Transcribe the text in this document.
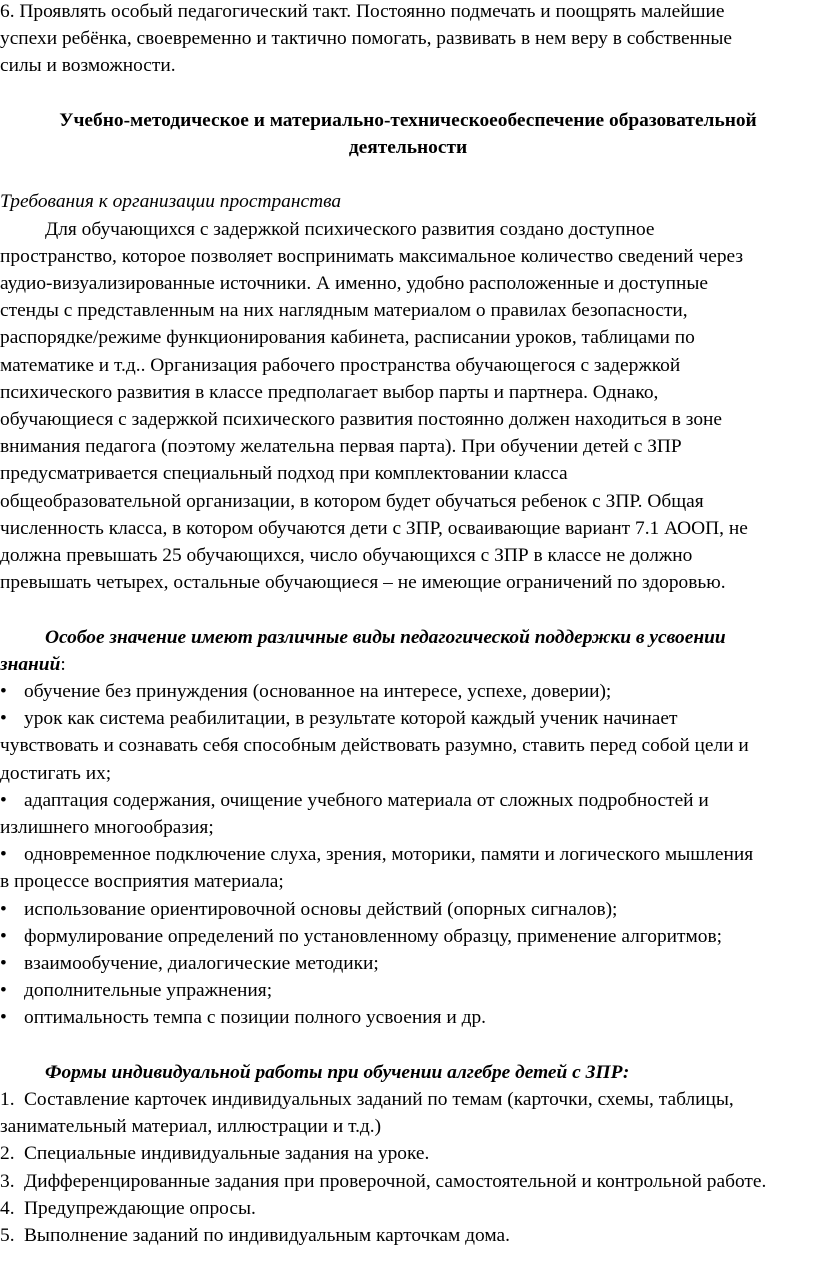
6. Проявлять особый педагогический такт. Постоянно подмечать и поощрять малейшие
успехи ребёнка, своевременно и тактично помогать, развивать в нем веру в собственные
силы и возможности.
Учебно-методическое и материально-техническоеобеспечение образовательной
деятельности
Требования к организации пространства
Для обучающихся с задержкой психического развития создано доступное
пространство, которое позволяет воспринимать максимальное количество сведений через
аудио-визуализированные источники. А именно, удобно расположенные и доступные
стенды с представленным на них наглядным материалом о правилах безопасности,
распорядке/режиме функционирования кабинета, расписании уроков, таблицами по
математике и т.д.. Организация рабочего пространства обучающегося с задержкой
психического развития в классе предполагает выбор парты и партнера. Однако,
обучающиеся с задержкой психического развития постоянно должен находиться в зоне
внимания педагога (поэтому желательна первая парта). При обучении детей с ЗПР
предусматривается специальный подход при комплектовании класса
общеобразовательной организации, в котором будет обучаться ребенок с ЗПР. Общая
численность класса, в котором обучаются дети с ЗПР, осваивающие вариант 7.1 АООП, не
должна превышать 25 обучающихся, число обучающихся с ЗПР в классе не должно
превышать четырех, остальные обучающиеся – не имеющие ограничений по здоровью.
Особое значение имеют различные виды педагогической поддержки в усвоении
знаний:
• обучение без принуждения (основанное на интересе, успехе, доверии);
• урок как система реабилитации, в результате которой каждый ученик начинает
чувствовать и сознавать себя способным действовать разумно, ставить перед собой цели и
достигать их;
• адаптация содержания, очищение учебного материала от сложных подробностей и
излишнего многообразия;
• одновременное подключение слуха, зрения, моторики, памяти и логического мышления
в процессе восприятия материала;
• использование ориентировочной основы действий (опорных сигналов);
• формулирование определений по установленному образцу, применение алгоритмов;
• взаимообучение, диалогические методики;
• дополнительные упражнения;
• оптимальность темпа с позиции полного усвоения и др.
Формы индивидуальной работы при обучении алгебре детей с ЗПР:
1. Составление карточек индивидуальных заданий по темам (карточки, схемы, таблицы,
занимательный материал, иллюстрации и т.д.)
2. Специальные индивидуальные задания на уроке.
3. Дифференцированные задания при проверочной, самостоятельной и контрольной работе.
4. Предупреждающие опросы.
5. Выполнение заданий по индивидуальным карточкам дома.
